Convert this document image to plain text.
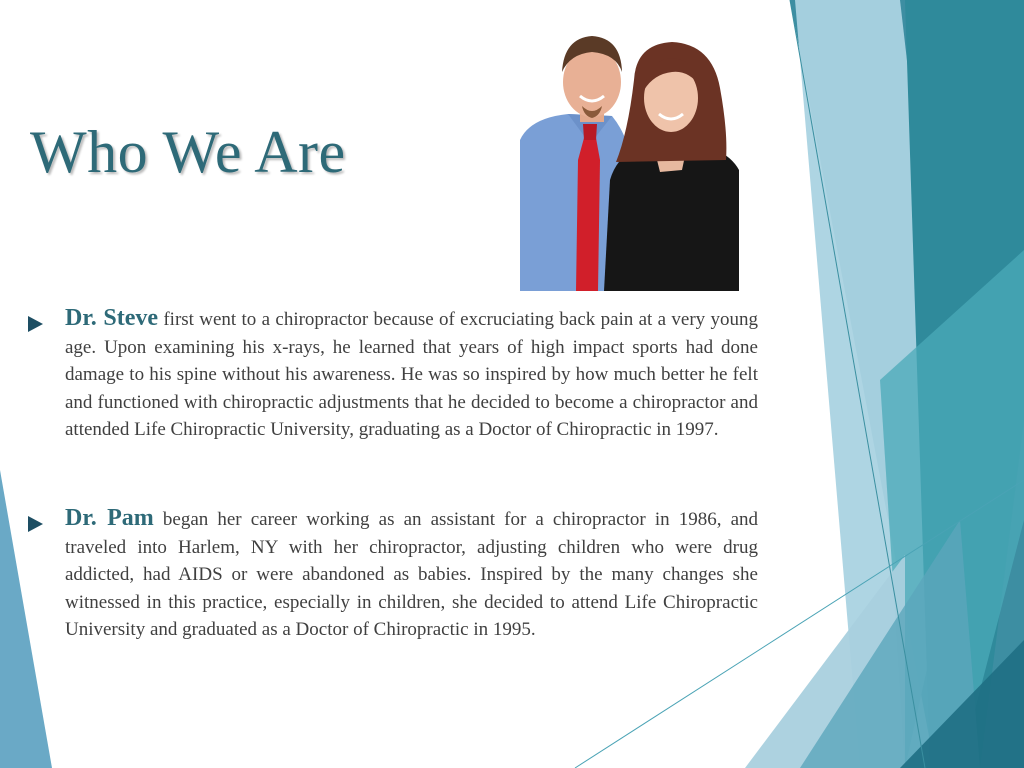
Who We Are

Dr. Steve first went to a chiropractor because of excruciating back pain at a very young age. Upon examining his x-rays, he learned that years of high impact sports had done damage to his spine without his awareness. He was so inspired by how much better he felt and functioned with chiropractic adjustments that he decided to become a chiropractor and attended Life Chiropractic University, graduating as a Doctor of Chiropractic in 1997.

Dr. Pam began her career working as an assistant for a chiropractor in 1986, and traveled into Harlem, NY with her chiropractor, adjusting children who were drug addicted, had AIDS or were abandoned as babies. Inspired by the many changes she witnessed in this practice, especially in children, she decided to attend Life Chiropractic University and graduated as a Doctor of Chiropractic in 1995.
